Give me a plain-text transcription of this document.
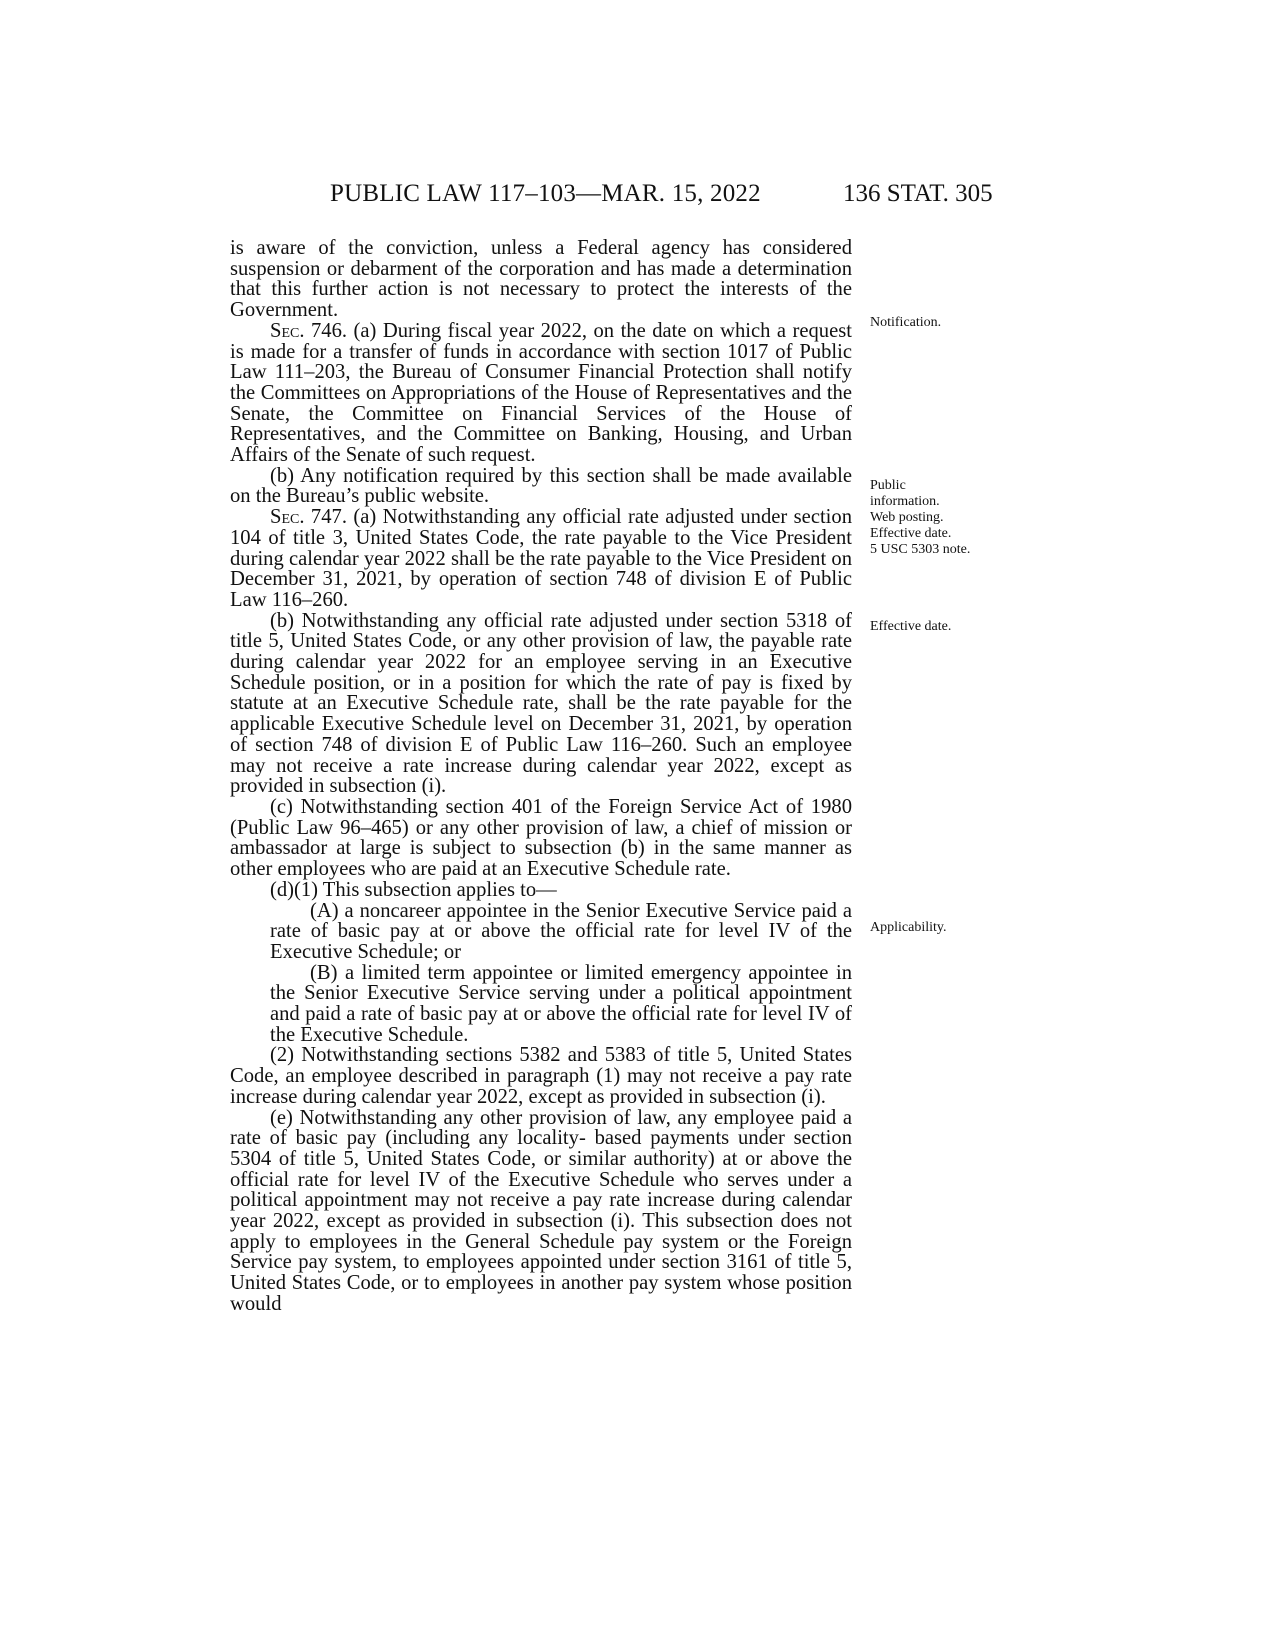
PUBLIC LAW 117–103—MAR. 15, 2022	136 STAT. 305

is aware of the conviction, unless a Federal agency has considered suspension or debarment of the corporation and has made a determination that this further action is not necessary to protect the interests of the Government.

Sec. 746. (a) During fiscal year 2022, on the date on which a request is made for a transfer of funds in accordance with section 1017 of Public Law 111–203, the Bureau of Consumer Financial Protection shall notify the Committees on Appropriations of the House of Representatives and the Senate, the Committee on Financial Services of the House of Representatives, and the Committee on Banking, Housing, and Urban Affairs of the Senate of such request.

(b) Any notification required by this section shall be made available on the Bureau’s public website.

Sec. 747. (a) Notwithstanding any official rate adjusted under section 104 of title 3, United States Code, the rate payable to the Vice President during calendar year 2022 shall be the rate payable to the Vice President on December 31, 2021, by operation of section 748 of division E of Public Law 116–260.

(b) Notwithstanding any official rate adjusted under section 5318 of title 5, United States Code, or any other provision of law, the payable rate during calendar year 2022 for an employee serving in an Executive Schedule position, or in a position for which the rate of pay is fixed by statute at an Executive Schedule rate, shall be the rate payable for the applicable Executive Schedule level on December 31, 2021, by operation of section 748 of division E of Public Law 116–260. Such an employee may not receive a rate increase during calendar year 2022, except as provided in subsection (i).

(c) Notwithstanding section 401 of the Foreign Service Act of 1980 (Public Law 96–465) or any other provision of law, a chief of mission or ambassador at large is subject to subsection (b) in the same manner as other employees who are paid at an Executive Schedule rate.

(d)(1) This subsection applies to—

(A) a noncareer appointee in the Senior Executive Service paid a rate of basic pay at or above the official rate for level IV of the Executive Schedule; or

(B) a limited term appointee or limited emergency appointee in the Senior Executive Service serving under a political appointment and paid a rate of basic pay at or above the official rate for level IV of the Executive Schedule.

(2) Notwithstanding sections 5382 and 5383 of title 5, United States Code, an employee described in paragraph (1) may not receive a pay rate increase during calendar year 2022, except as provided in subsection (i).

(e) Notwithstanding any other provision of law, any employee paid a rate of basic pay (including any locality- based payments under section 5304 of title 5, United States Code, or similar authority) at or above the official rate for level IV of the Executive Schedule who serves under a political appointment may not receive a pay rate increase during calendar year 2022, except as provided in subsection (i). This subsection does not apply to employees in the General Schedule pay system or the Foreign Service pay system, to employees appointed under section 3161 of title 5, United States Code, or to employees in another pay system whose position would

Notification.
Public
information.
Web posting.
Effective date.
5 USC 5303 note.
Effective date.
Applicability.
